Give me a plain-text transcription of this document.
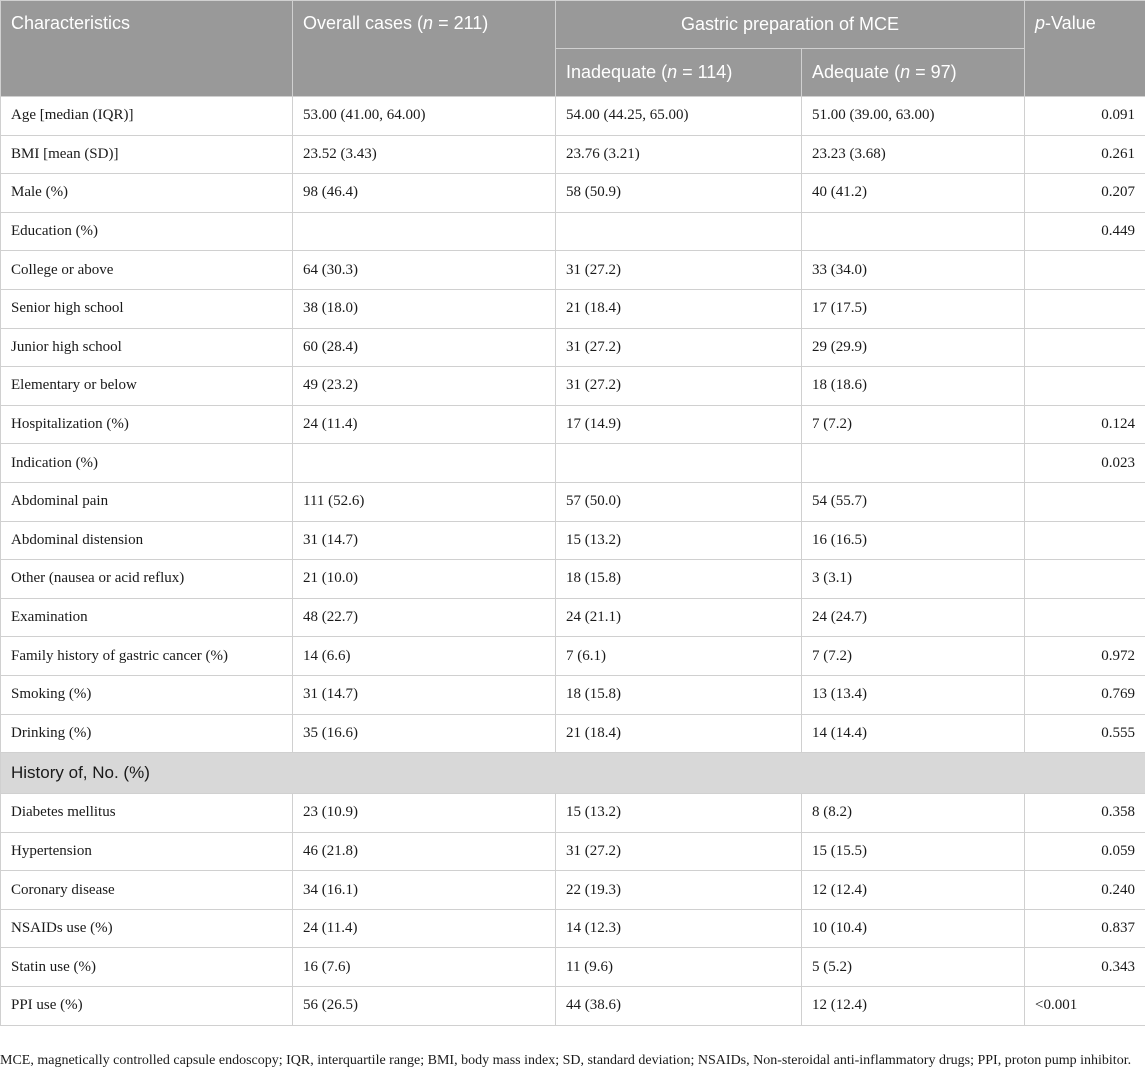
Characteristics	Overall cases (n = 211)	Gastric preparation of MCE		p-Value
		Inadequate (n = 114)	Adequate (n = 97)	
Age [median (IQR)]	53.00 (41.00, 64.00)	54.00 (44.25, 65.00)	51.00 (39.00, 63.00)	0.091
BMI [mean (SD)]	23.52 (3.43)	23.76 (3.21)	23.23 (3.68)	0.261
Male (%)	98 (46.4)	58 (50.9)	40 (41.2)	0.207
Education (%)				0.449
College or above	64 (30.3)	31 (27.2)	33 (34.0)	
Senior high school	38 (18.0)	21 (18.4)	17 (17.5)	
Junior high school	60 (28.4)	31 (27.2)	29 (29.9)	
Elementary or below	49 (23.2)	31 (27.2)	18 (18.6)	
Hospitalization (%)	24 (11.4)	17 (14.9)	7 (7.2)	0.124
Indication (%)				0.023
Abdominal pain	111 (52.6)	57 (50.0)	54 (55.7)	
Abdominal distension	31 (14.7)	15 (13.2)	16 (16.5)	
Other (nausea or acid reflux)	21 (10.0)	18 (15.8)	3 (3.1)	
Examination	48 (22.7)	24 (21.1)	24 (24.7)	
Family history of gastric cancer (%)	14 (6.6)	7 (6.1)	7 (7.2)	0.972
Smoking (%)	31 (14.7)	18 (15.8)	13 (13.4)	0.769
Drinking (%)	35 (16.6)	21 (18.4)	14 (14.4)	0.555
History of, No. (%)				
Diabetes mellitus	23 (10.9)	15 (13.2)	8 (8.2)	0.358
Hypertension	46 (21.8)	31 (27.2)	15 (15.5)	0.059
Coronary disease	34 (16.1)	22 (19.3)	12 (12.4)	0.240
NSAIDs use (%)	24 (11.4)	14 (12.3)	10 (10.4)	0.837
Statin use (%)	16 (7.6)	11 (9.6)	5 (5.2)	0.343
PPI use (%)	56 (26.5)	44 (38.6)	12 (12.4)	<0.001
MCE, magnetically controlled capsule endoscopy; IQR, interquartile range; BMI, body mass index; SD, standard deviation; NSAIDs, Non-steroidal anti-inflammatory drugs; PPI, proton pump inhibitor.
